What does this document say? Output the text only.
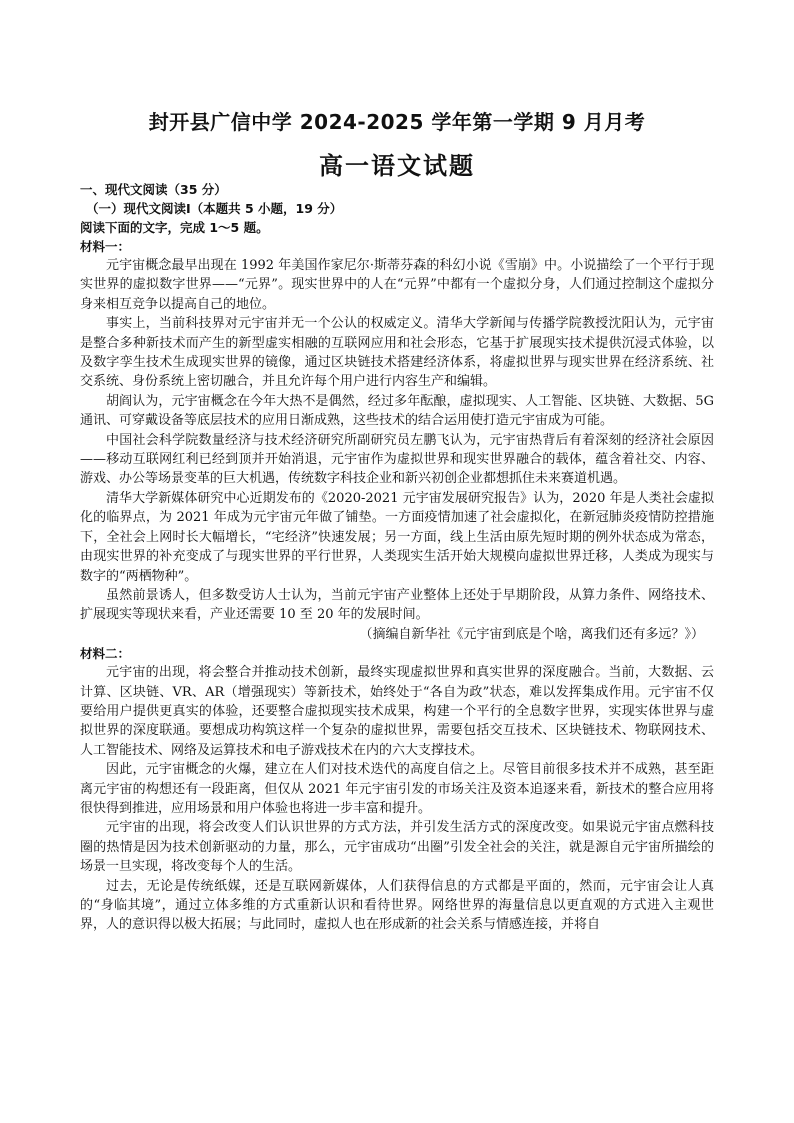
封开县广信中学 2024-2025 学年第一学期 9 月月考
高一语文试题
一、现代文阅读（35 分）
（一）现代文阅读Ⅰ（本题共 5 小题，19 分）
阅读下面的文字，完成 1～5 题。
材料一：

元宇宙概念最早出现在 1992 年美国作家尼尔·斯蒂芬森的科幻小说《雪崩》中。小说描绘了一个平行于现实世界的虚拟数字世界——“元界”。现实世界中的人在“元界”中都有一个虚拟分身，人们通过控制这个虚拟分身来相互竞争以提高自己的地位。

事实上，当前科技界对元宇宙并无一个公认的权威定义。清华大学新闻与传播学院教授沈阳认为，元宇宙是整合多种新技术而产生的新型虚实相融的互联网应用和社会形态，它基于扩展现实技术提供沉浸式体验，以及数字孪生技术生成现实世界的镜像，通过区块链技术搭建经济体系，将虚拟世界与现实世界在经济系统、社交系统、身份系统上密切融合，并且允许每个用户进行内容生产和编辑。

胡阎认为，元宇宙概念在今年大热不是偶然，经过多年酝酿，虚拟现实、人工智能、区块链、大数据、5G 通讯、可穿戴设备等底层技术的应用日渐成熟，这些技术的结合运用使打造元宇宙成为可能。

中国社会科学院数量经济与技术经济研究所副研究员左鹏飞认为，元宇宙热背后有着深刻的经济社会原因——移动互联网红利已经到顶并开始消退，元宇宙作为虚拟世界和现实世界融合的载体，蕴含着社交、内容、游戏、办公等场景变革的巨大机遇，传统数字科技企业和新兴初创企业都想抓住未来赛道机遇。

清华大学新媒体研究中心近期发布的《2020-2021 元宇宙发展研究报告》认为，2020 年是人类社会虚拟化的临界点，为 2021 年成为元宇宙元年做了铺垫。一方面疫情加速了社会虚拟化，在新冠肺炎疫情防控措施下，全社会上网时长大幅增长，“宅经济”快速发展；另一方面，线上生活由原先短时期的例外状态成为常态，由现实世界的补充变成了与现实世界的平行世界，人类现实生活开始大规模向虚拟世界迁移，人类成为现实与数字的“两栖物种”。

虽然前景诱人，但多数受访人士认为，当前元宇宙产业整体上还处于早期阶段，从算力条件、网络技术、扩展现实等现状来看，产业还需要 10 至 20 年的发展时间。

（摘编自新华社《元宇宙到底是个啥，离我们还有多远？》）

材料二：

元宇宙的出现，将会整合并推动技术创新，最终实现虚拟世界和真实世界的深度融合。当前，大数据、云计算、区块链、VR、AR（增强现实）等新技术，始终处于“各自为政”状态，难以发挥集成作用。元宇宙不仅要给用户提供更真实的体验，还要整合虚拟现实技术成果，构建一个平行的全息数字世界，实现实体世界与虚拟世界的深度联通。要想成功构筑这样一个复杂的虚拟世界，需要包括交互技术、区块链技术、物联网技术、人工智能技术、网络及运算技术和电子游戏技术在内的六大支撑技术。

因此，元宇宙概念的火爆，建立在人们对技术迭代的高度自信之上。尽管目前很多技术并不成熟，甚至距离元宇宙的构想还有一段距离，但仅从 2021 年元宇宙引发的市场关注及资本追逐来看，新技术的整合应用将很快得到推进，应用场景和用户体验也将进一步丰富和提升。

元宇宙的出现，将会改变人们认识世界的方式方法，并引发生活方式的深度改变。如果说元宇宙点燃科技圈的热情是因为技术创新驱动的力量，那么，元宇宙成功“出圈”引发全社会的关注，就是源自元宇宙所描绘的场景一旦实现，将改变每个人的生活。

过去，无论是传统纸媒，还是互联网新媒体，人们获得信息的方式都是平面的，然而，元宇宙会让人真的“身临其境”，通过立体多维的方式重新认识和看待世界。网络世界的海量信息以更直观的方式进入主观世界，人的意识得以极大拓展；与此同时，虚拟人也在形成新的社会关系与情感连接，并将自
